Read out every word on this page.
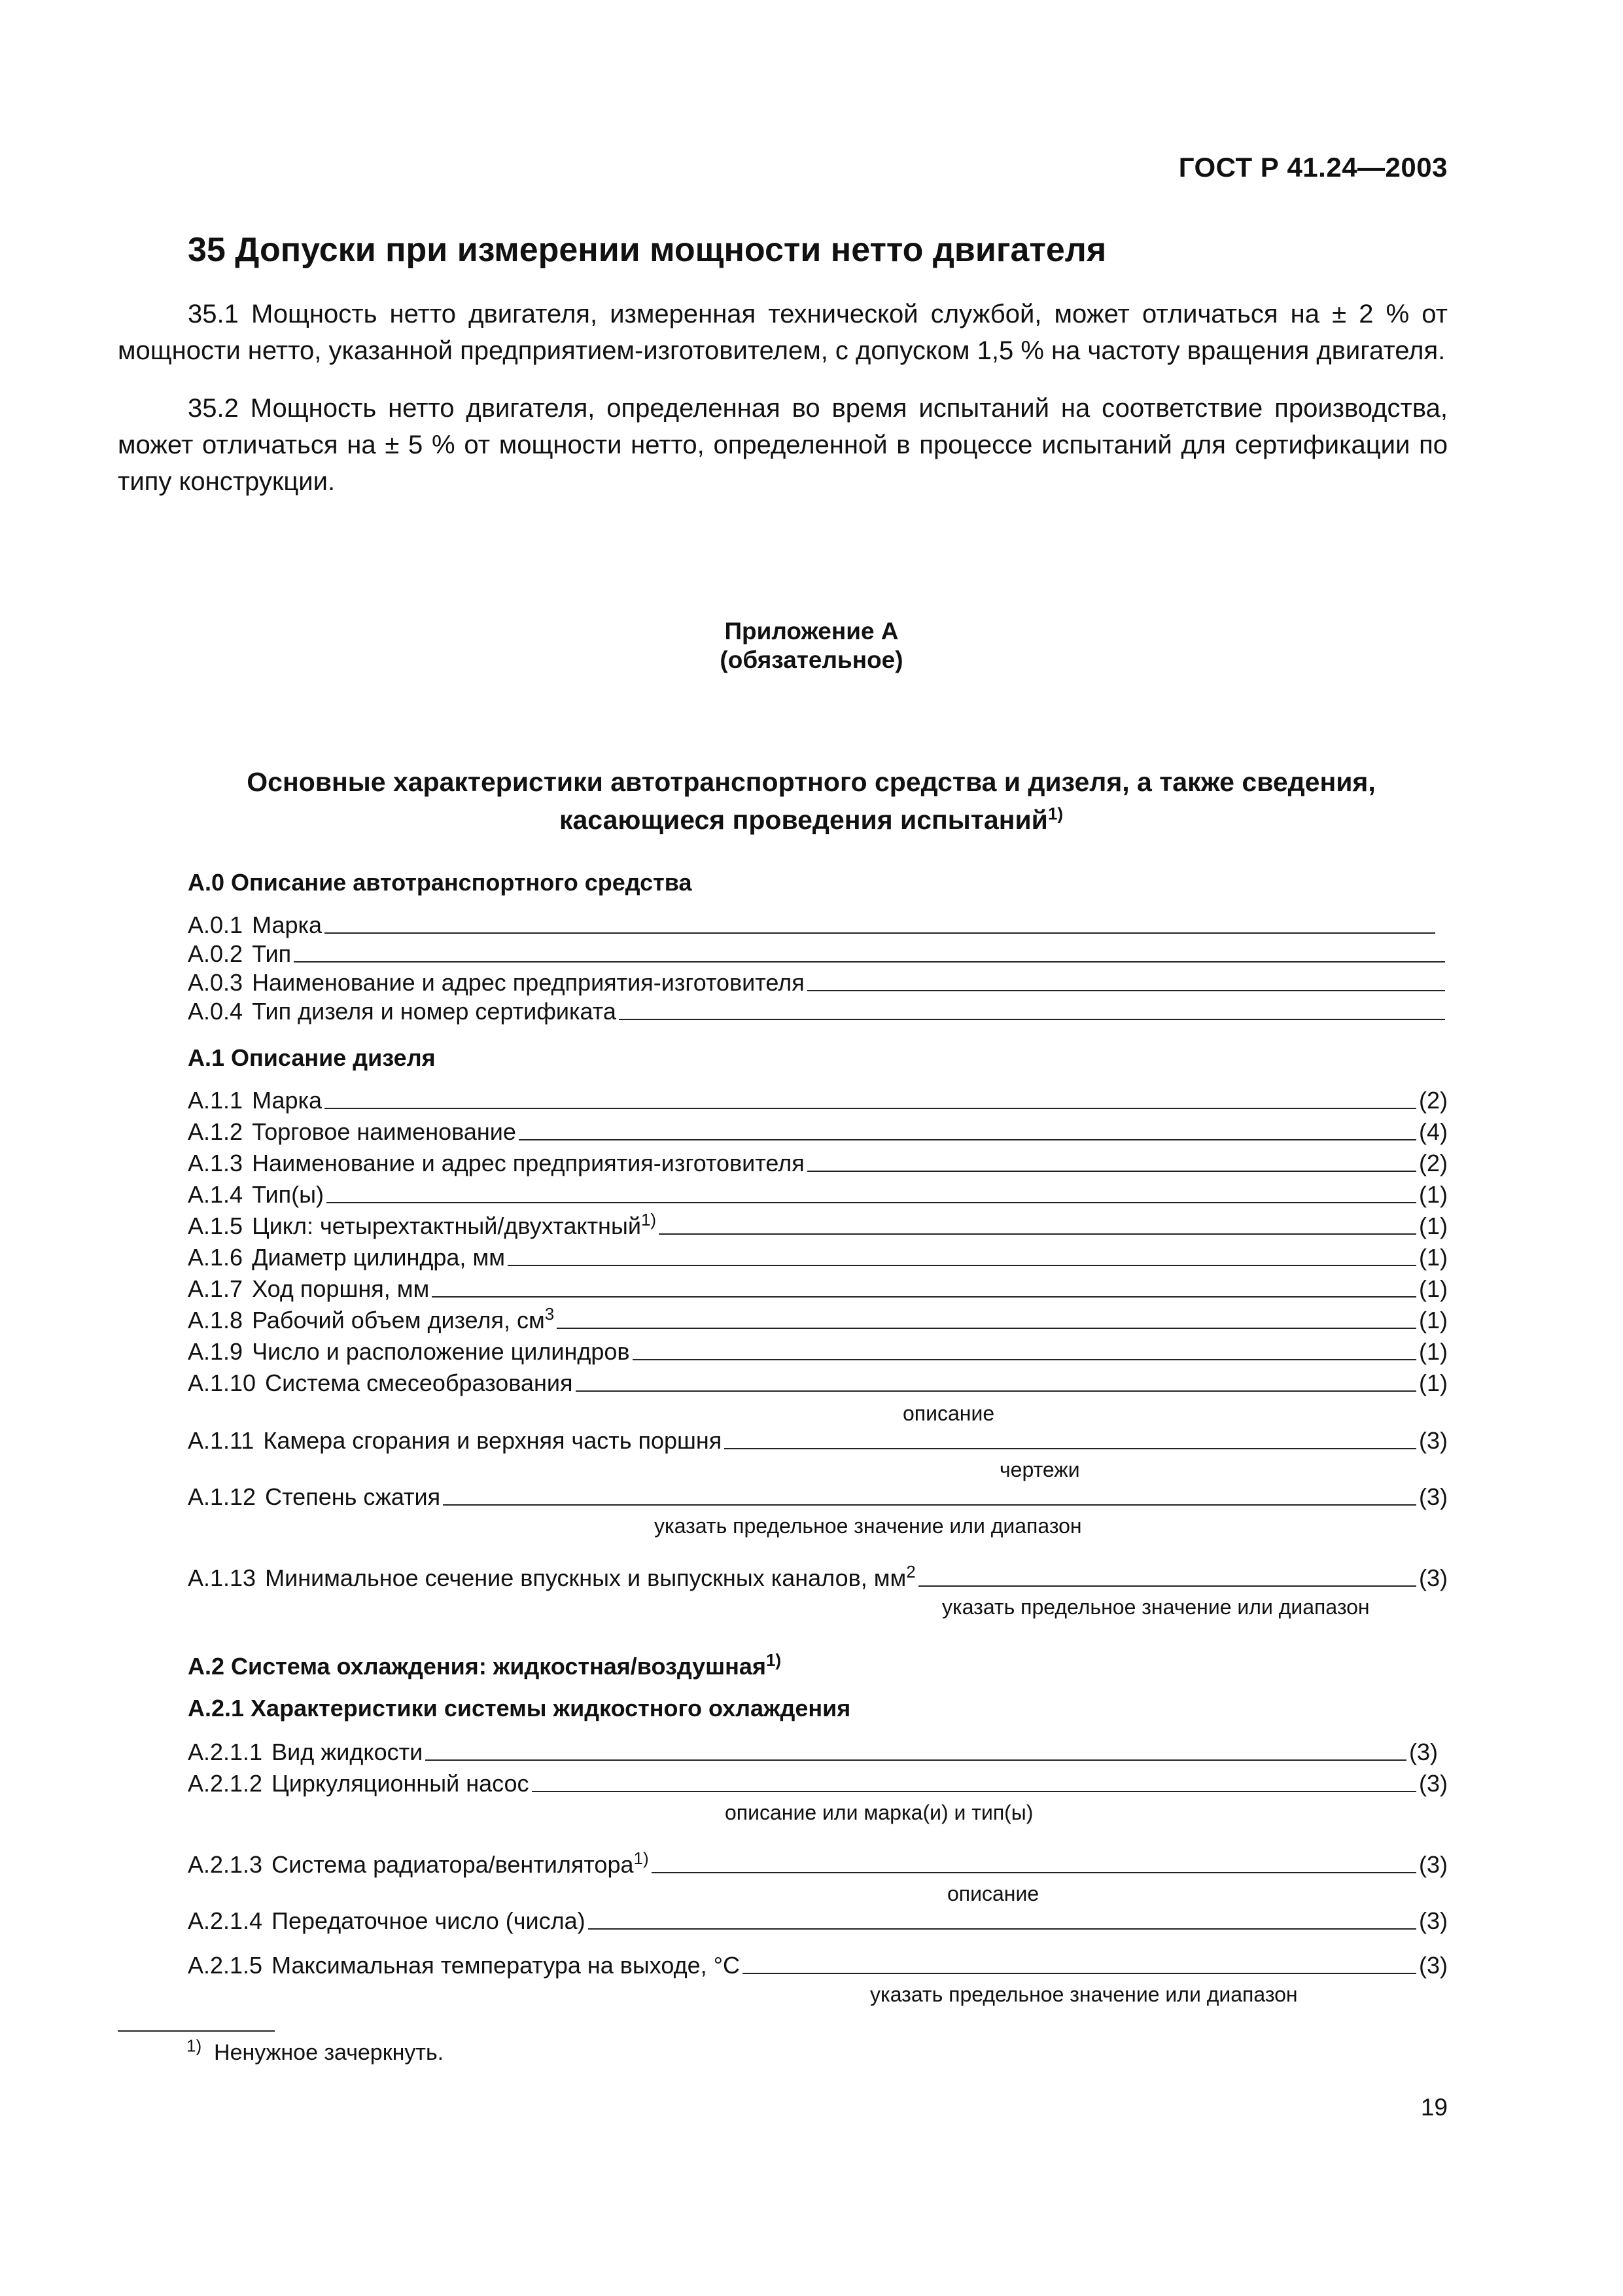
ГОСТ Р 41.24—2003
35 Допуски при измерении мощности нетто двигателя

35.1 Мощность нетто двигателя, измеренная технической службой, может отличаться на ± 2 % от мощности нетто, указанной предприятием-изготовителем, с допуском 1,5 % на частоту вращения двигателя.

35.2 Мощность нетто двигателя, определенная во время испытаний на соответствие производства, может отличаться на ± 5 % от мощности нетто, определенной в процессе испытаний для сертификации по типу конструкции.

Приложение А
(обязательное)
Основные характеристики автотранспортного средства и дизеля, а также сведения,
касающиеся проведения испытаний$^{1)}$
А.0 Описание автотранспортного средства
А.0.1 Марка
А.0.2 Тип
А.0.3 Наименование и адрес предприятия-изготовителя
А.0.4 Тип дизеля и номер сертификата
А.1 Описание дизеля
А.1.1 Марка	(2)
А.1.2 Торговое наименование	(4)
А.1.3 Наименование и адрес предприятия-изготовителя	(2)
А.1.4 Тип(ы)	(1)
А.1.5 Цикл: четырехтактный/двухтактный$^{1)}$	(1)
А.1.6 Диаметр цилиндра, мм	(1)
А.1.7 Ход поршня, мм	(1)
А.1.8 Рабочий объем дизеля, $см^3$	(1)
А.1.9 Число и расположение цилиндров	(1)
А.1.10 Система смесеобразования	(1)
описание
А.1.11 Камера сгорания и верхняя часть поршня	(3)
чертежи
А.1.12 Степень сжатия	(3)
указать предельное значение или диапазон
А.1.13 Минимальное сечение впускных и выпускных каналов, $мм^2$	(3)
указать предельное значение или диапазон
А.2 Система охлаждения: жидкостная/воздушная$^{1)}$
А.2.1 Характеристики системы жидкостного охлаждения
А.2.1.1 Вид жидкости	(3)
А.2.1.2 Циркуляционный насос	(3)
описание или марка(и) и тип(ы)
А.2.1.3 Система радиатора/вентилятора$^{1)}$	(3)
описание
А.2.1.4 Передаточное число (числа)	(3)
А.2.1.5 Максимальная температура на выходе, °С	(3)
указать предельное значение или диапазон
$^{1)}$ Ненужное зачеркнуть.
19
